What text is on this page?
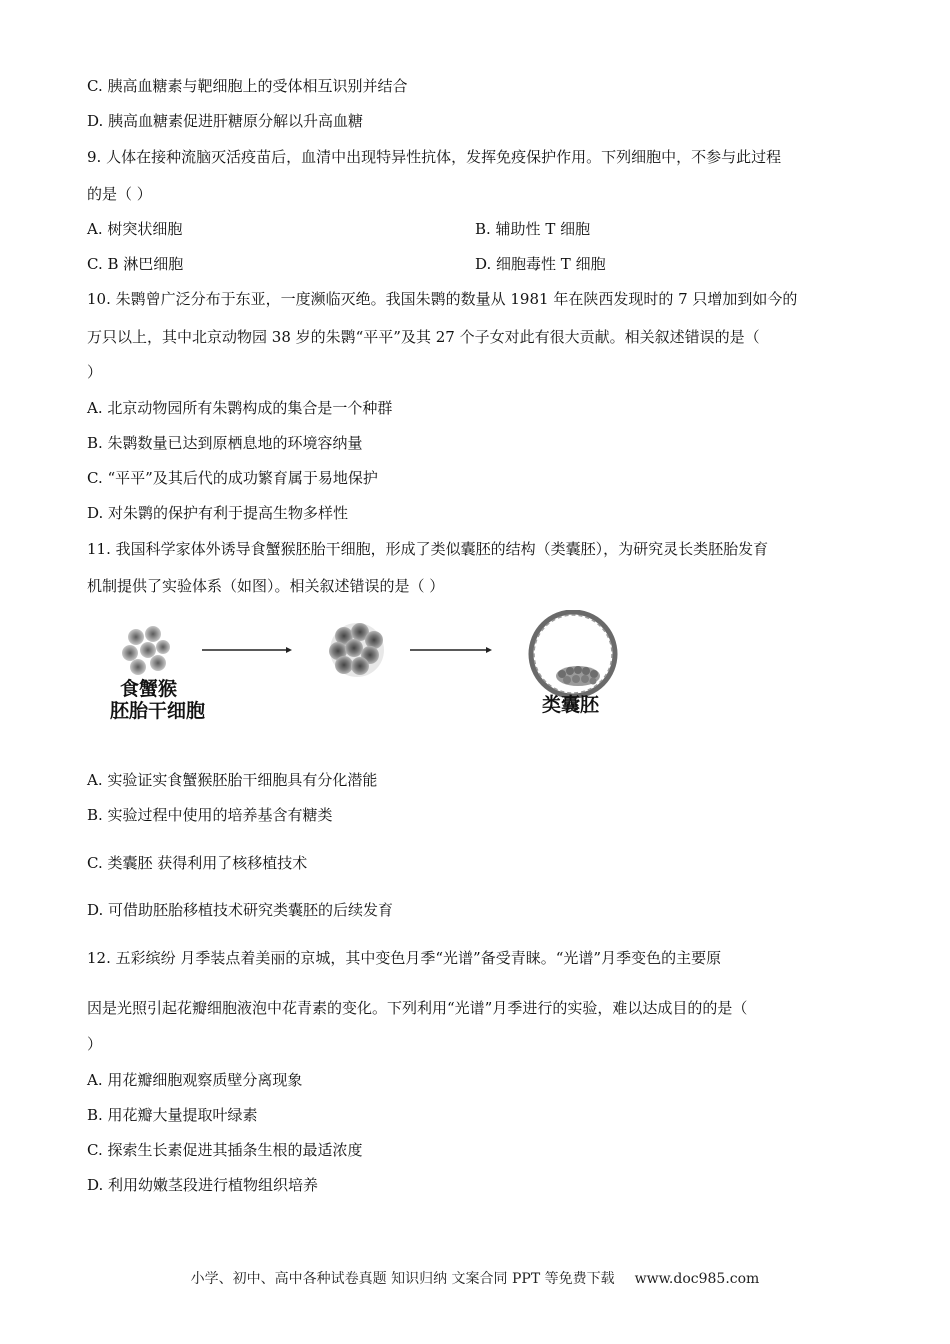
C. 胰高血糖素与靶细胞上的受体相互识别并结合
D. 胰高血糖素促进肝糖原分解以升高血糖
9. 人体在接种流脑灭活疫苗后，血清中出现特异性抗体，发挥免疫保护作用。下列细胞中，不参与此过程
的是（ ）
A. 树突状细胞	B. 辅助性 T 细胞
C. B 淋巴细胞	D. 细胞毒性 T 细胞
10. 朱鹮曾广泛分布于东亚，一度濒临灭绝。我国朱鹮的数量从 1981 年在陕西发现时的 7 只增加到如今的
万只以上，其中北京动物园 38 岁的朱鹮“平平”及其 27 个子女对此有很大贡献。相关叙述错误的是（
）
A. 北京动物园所有朱鹮构成的集合是一个种群
B. 朱鹮数量已达到原栖息地的环境容纳量
C. “平平”及其后代的成功繁育属于易地保护
D. 对朱鹮的保护有利于提高生物多样性
11. 我国科学家体外诱导食蟹猴胚胎干细胞，形成了类似囊胚的结构（类囊胚），为研究灵长类胚胎发育
机制提供了实验体系（如图）。相关叙述错误的是（ ）
食蟹猴
胚胎干细胞	类囊胚
A. 实验证实食蟹猴胚胎干细胞具有分化潜能
B. 实验过程中使用的培养基含有糖类
C. 类囊胚 获得利用了核移植技术
D. 可借助胚胎移植技术研究类囊胚的后续发育
12. 五彩缤纷 月季装点着美丽的京城，其中变色月季“光谱”备受青睐。“光谱”月季变色的主要原
因是光照引起花瓣细胞液泡中花青素的变化。下列利用“光谱”月季进行的实验，难以达成目的的是（
）
A. 用花瓣细胞观察质壁分离现象
B. 用花瓣大量提取叶绿素
C. 探索生长素促进其插条生根的最适浓度
D. 利用幼嫩茎段进行植物组织培养
小学、初中、高中各种试卷真题 知识归纳 文案合同 PPT 等免费下载 www.doc985.com
